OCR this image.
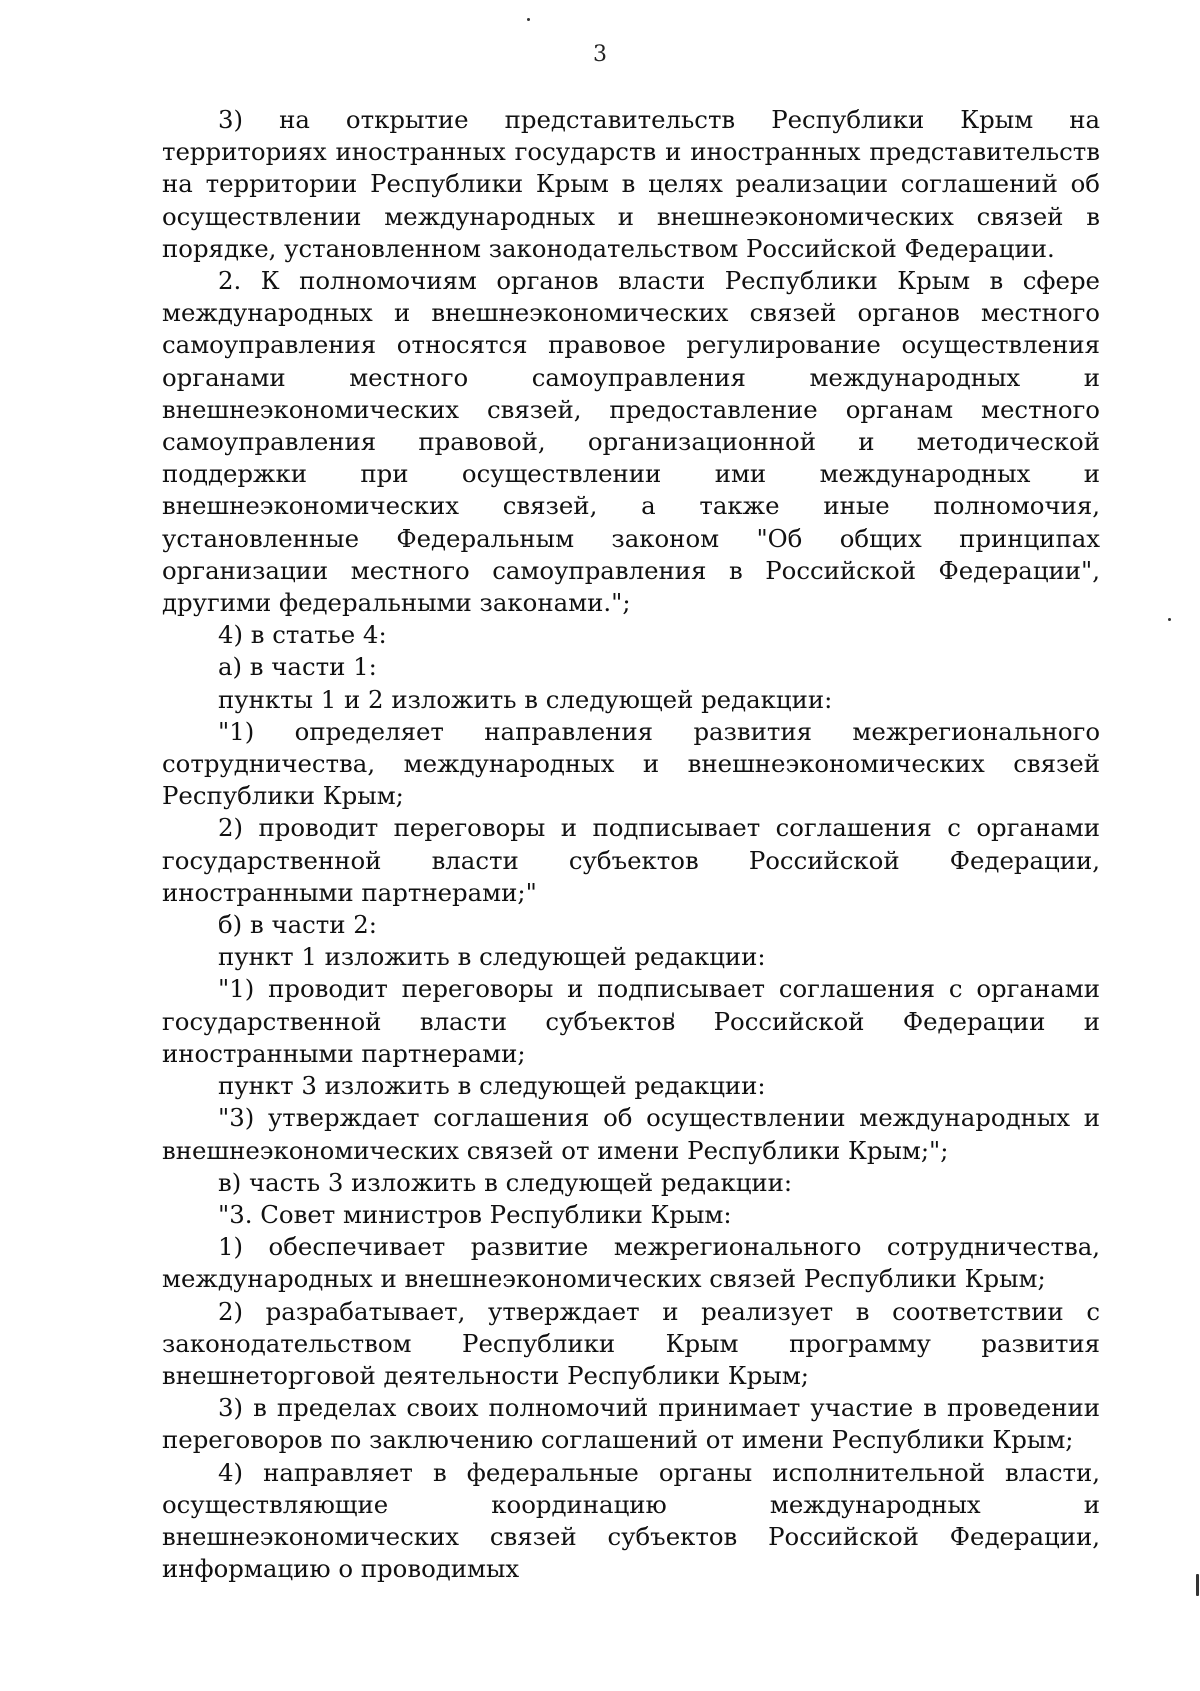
3

3) на открытие представительств Республики Крым на территориях иностранных государств и иностранных представительств на территории Республики Крым в целях реализации соглашений об осуществлении международных и внешнеэкономических связей в порядке, установленном законодательством Российской Федерации.

2. К полномочиям органов власти Республики Крым в сфере международных и внешнеэкономических связей органов местного самоуправления относятся правовое регулирование осуществления органами местного самоуправления международных и внешнеэкономических связей, предоставление органам местного самоуправления правовой, организационной и методической поддержки при осуществлении ими международных и внешнеэкономических связей, а также иные полномочия, установленные Федеральным законом "Об общих принципах организации местного самоуправления в Российской Федерации", другими федеральными законами.";

4) в статье 4:

а) в части 1:

пункты 1 и 2 изложить в следующей редакции:

"1) определяет направления развития межрегионального сотрудничества, международных и внешнеэкономических связей Республики Крым;

2) проводит переговоры и подписывает соглашения с органами государственной власти субъектов Российской Федерации, иностранными партнерами;"

б) в части 2:

пункт 1 изложить в следующей редакции:

"1) проводит переговоры и подписывает соглашения с органами государственной власти субъектов Российской Федерации и иностранными партнерами;

пункт 3 изложить в следующей редакции:

"3) утверждает соглашения об осуществлении международных и внешнеэкономических связей от имени Республики Крым;";

в) часть 3 изложить в следующей редакции:

"3. Совет министров Республики Крым:

1) обеспечивает развитие межрегионального сотрудничества, международных и внешнеэкономических связей Республики Крым;

2) разрабатывает, утверждает и реализует в соответствии с законодательством Республики Крым программу развития внешнеторговой деятельности Республики Крым;

3) в пределах своих полномочий принимает участие в проведении переговоров по заключению соглашений от имени Республики Крым;

4) направляет в федеральные органы исполнительной власти, осуществляющие координацию международных и внешнеэкономических связей субъектов Российской Федерации, информацию о проводимых
